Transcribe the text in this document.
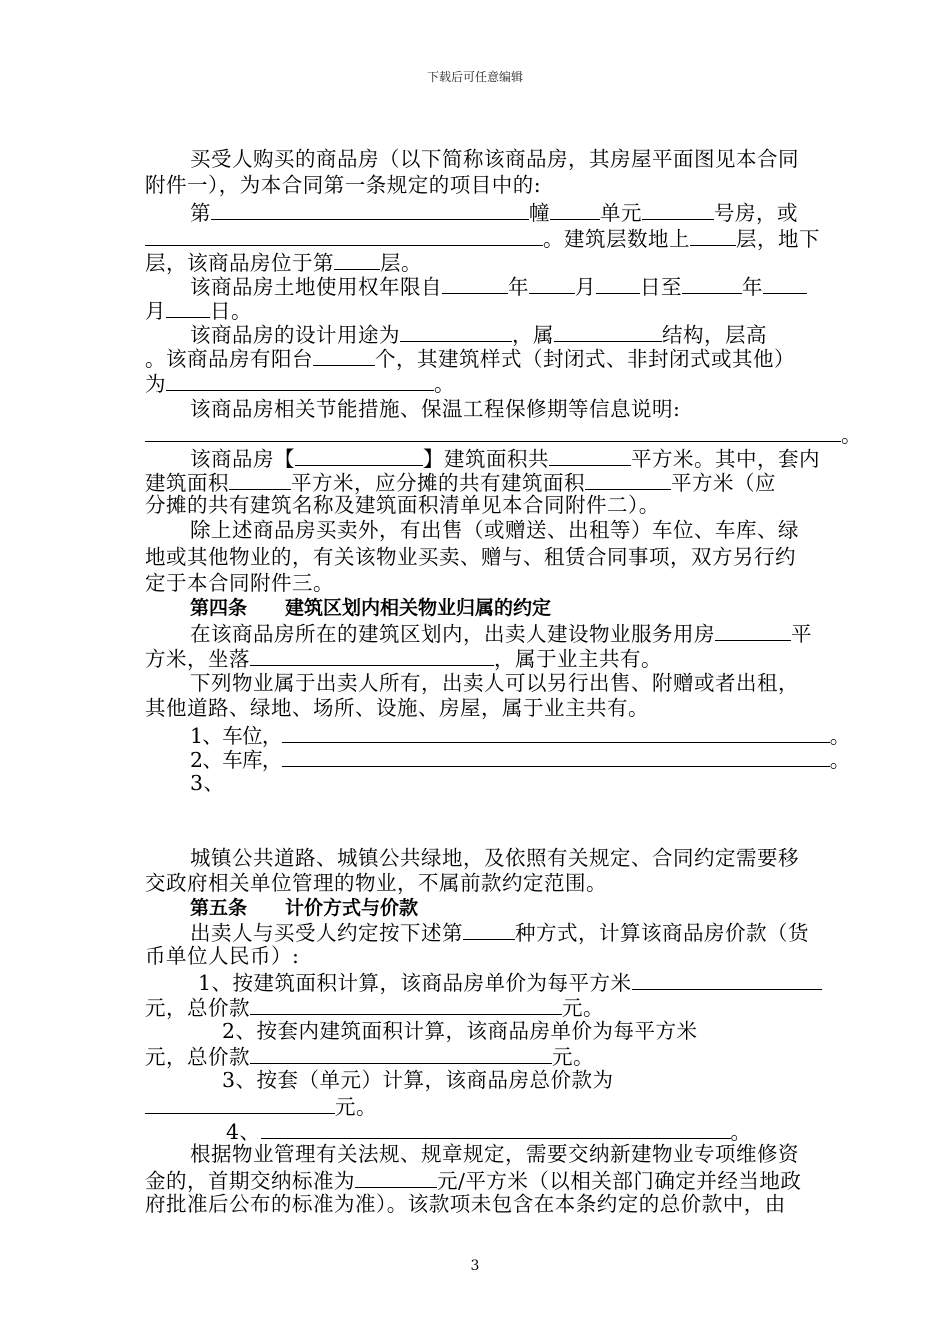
下载后可任意编辑
买受人购买的商品房（以下简称该商品房，其房屋平面图见本合同
附件一），为本合同第一条规定的项目中的:
第	幢 单元	号房，或
。建筑层数地上 层，地下
层，该商品房位于第 层。
该商品房土地使用权年限自	年 月 日至	年
月 日。
该商品房的设计用途为	，属	结构，层高
。该商品房有阳台	个，其建筑样式（封闭式、非封闭式或其他）
为	。
该商品房相关节能措施、保温工程保修期等信息说明:
。
该商品房【	】建筑面积共	平方米。其中，套内
建筑面积	平方米，应分摊的共有建筑面积	平方米（应
分摊的共有建筑名称及建筑面积清单见本合同附件二）。
除上述商品房买卖外，有出售（或赠送、出租等）车位、车库、绿
地或其他物业的，有关该物业买卖、赠与、租赁合同事项，双方另行约
定于本合同附件三。
第四条　　建筑区划内相关物业归属的约定
在该商品房所在的建筑区划内，出卖人建设物业服务用房	平
方米，坐落	，属于业主共有。
下列物业属于出卖人所有，出卖人可以另行出售、附赠或者出租，
其他道路、绿地、场所、设施、房屋，属于业主共有。
1、车位，	。
2、车库，	。
3、
城镇公共道路、城镇公共绿地，及依照有关规定、合同约定需要移
交政府相关单位管理的物业，不属前款约定范围。
第五条　　计价方式与价款
出卖人与买受人约定按下述第	种方式，计算该商品房价款（货
币单位人民币）:
1、按建筑面积计算，该商品房单价为每平方米
元，总价款	元。
2、按套内建筑面积计算，该商品房单价为每平方米
元，总价款	元。
3、按套（单元）计算，该商品房总价款为
元。
4、	。
根据物业管理有关法规、规章规定，需要交纳新建物业专项维修资
金的，首期交纳标准为	元/平方米（以相关部门确定并经当地政
府批准后公布的标准为准）。该款项未包含在本条约定的总价款中，由
3
